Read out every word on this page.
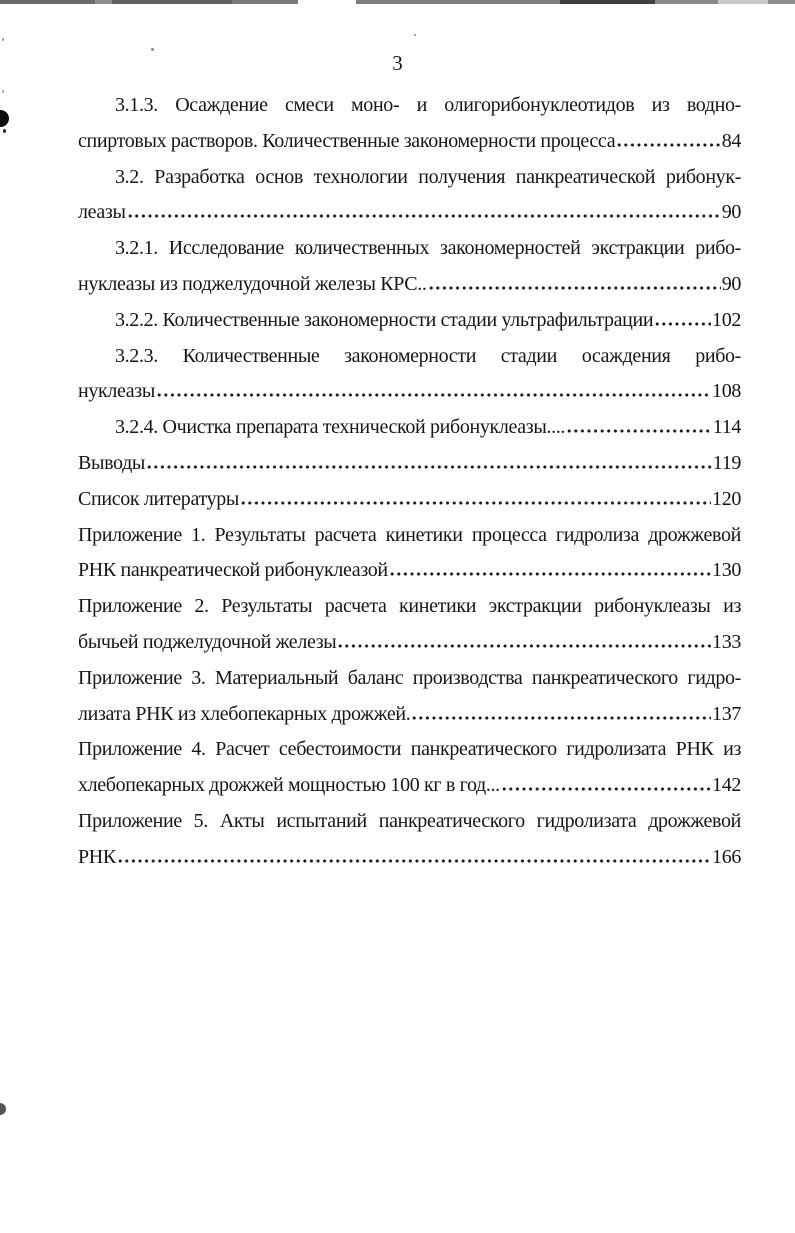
3
3.1.3. Осаждение смеси моно- и олигорибонуклеотидов из водно-
спиртовых растворов. Количественные закономерности процесса	84
3.2. Разработка основ технологии получения панкреатической рибонук-
леазы	90
3.2.1. Исследование количественных закономерностей экстракции рибо-
нуклеазы из поджелудочной железы КРС..	90
3.2.2. Количественные закономерности стадии ультрафильтрации	102
3.2.3. Количественные закономерности стадии осаждения рибо-
нуклеазы	108
3.2.4. Очистка препарата технической рибонуклеазы....	114
Выводы	119
Список литературы	120
Приложение 1. Результаты расчета кинетики процесса гидролиза дрожжевой
РНК панкреатической рибонуклеазой	130
Приложение 2. Результаты расчета кинетики экстракции рибонуклеазы из
бычьей поджелудочной железы	133
Приложение 3. Материальный баланс производства панкреатического гидро-
лизата РНК из хлебопекарных дрожжей.	137
Приложение 4. Расчет себестоимости панкреатического гидролизата РНК из
хлебопекарных дрожжей мощностью 100 кг в год...	142
Приложение 5. Акты испытаний панкреатического гидролизата дрожжевой
РНК	166
